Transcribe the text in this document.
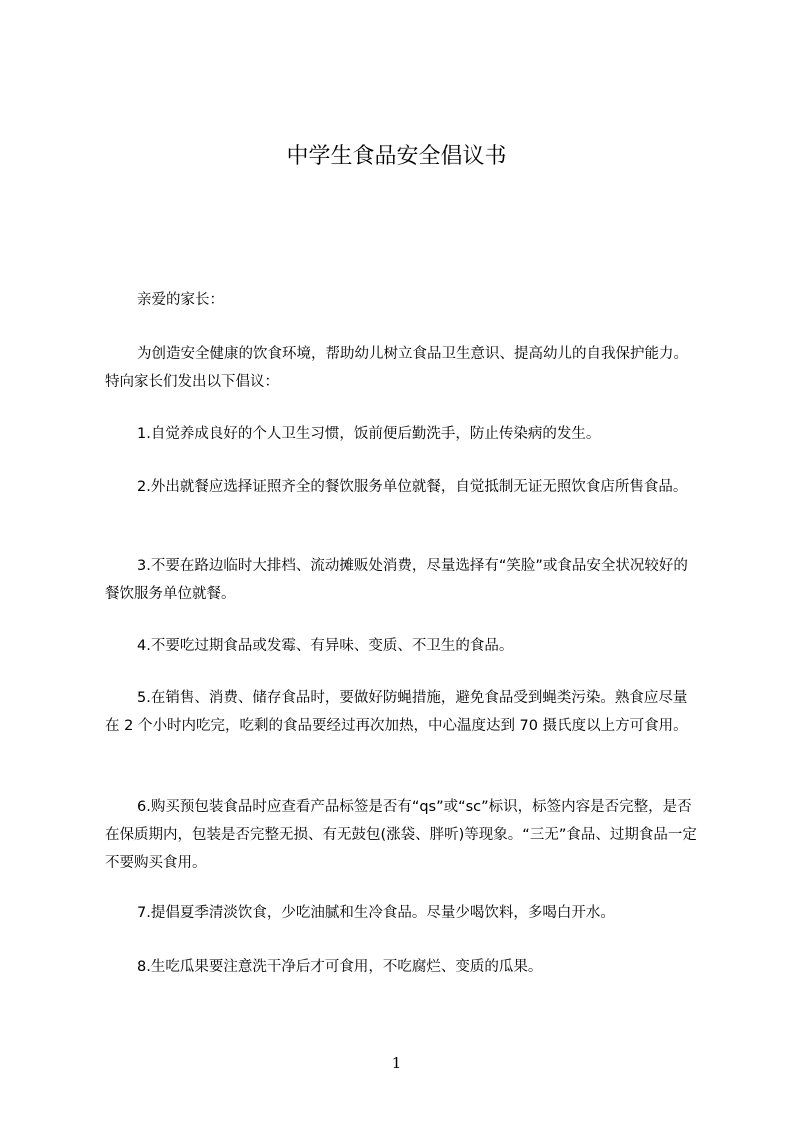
中学生食品安全倡议书

亲爱的家长：

为创造安全健康的饮食环境，帮助幼儿树立食品卫生意识、提高幼儿的自我保护能力。特向家长们发出以下倡议：

1.自觉养成良好的个人卫生习惯，饭前便后勤洗手，防止传染病的发生。

2.外出就餐应选择证照齐全的餐饮服务单位就餐，自觉抵制无证无照饮食店所售食品。

3.不要在路边临时大排档、流动摊贩处消费，尽量选择有“笑脸”或食品安全状况较好的餐饮服务单位就餐。

4.不要吃过期食品或发霉、有异味、变质、不卫生的食品。

5.在销售、消费、储存食品时，要做好防蝇措施，避免食品受到蝇类污染。熟食应尽量在 2 个小时内吃完，吃剩的食品要经过再次加热，中心温度达到 70 摄氏度以上方可食用。

6.购买预包装食品时应查看产品标签是否有“qs”或“sc”标识，标签内容是否完整，是否在保质期内，包装是否完整无损、有无鼓包(涨袋、胖听)等现象。“三无”食品、过期食品一定不要购买食用。

7.提倡夏季清淡饮食，少吃油腻和生冷食品。尽量少喝饮料，多喝白开水。

8.生吃瓜果要注意洗干净后才可食用，不吃腐烂、变质的瓜果。

1
